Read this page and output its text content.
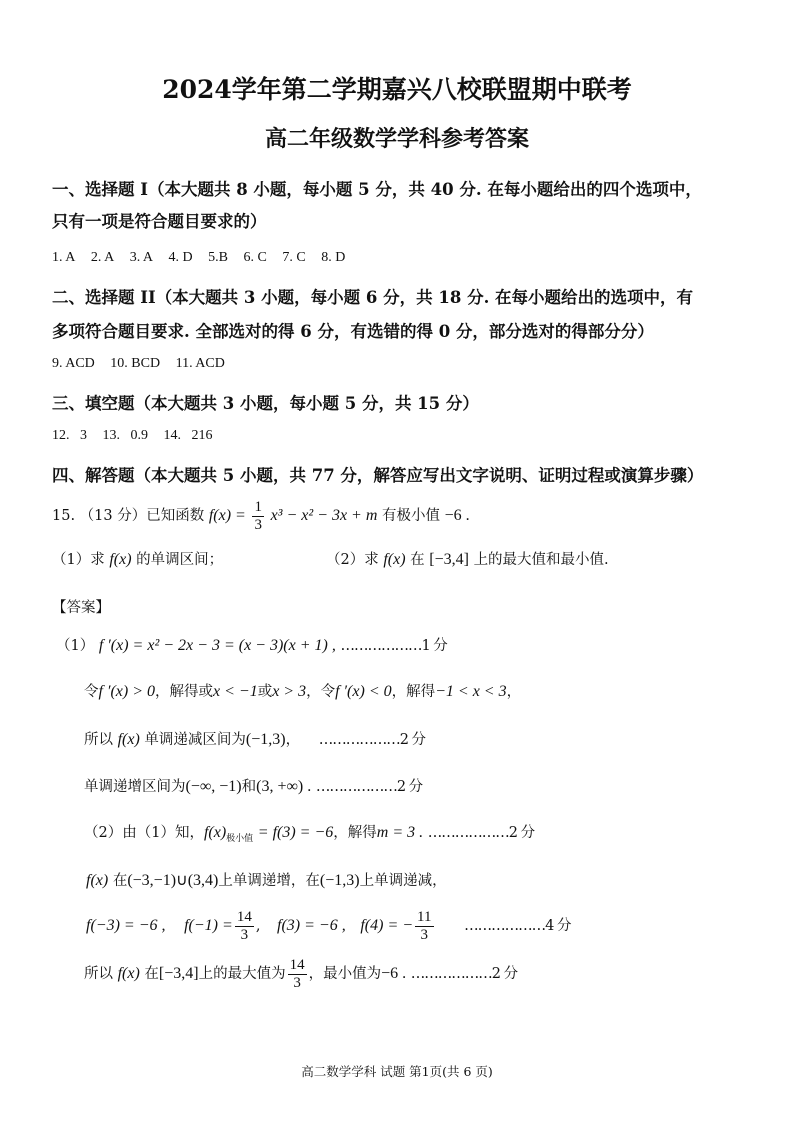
2024学年第二学期嘉兴八校联盟期中联考
高二年级数学学科参考答案
一、选择题 I（本大题共 8 小题，每小题 5 分，共 40 分. 在每小题给出的四个选项中，
只有一项是符合题目要求的）
1. A 2. A 3. A 4. D 5.B 6. C 7. C 8. D
二、选择题 II（本大题共 3 小题，每小题 6 分，共 18 分. 在每小题给出的选项中，有
多项符合题目要求. 全部选对的得 6 分，有选错的得 0 分，部分选对的得部分分）
9. ACD 10. BCD 11. ACD
三、填空题（本大题共 3 小题，每小题 5 分，共 15 分）
12.   3 13.   0.9 14.   216
四、解答题（本大题共 5 小题，共 77 分，解答应写出文字说明、证明过程或演算步骤）
15. （13 分）已知函数 $f(x) = \frac{1}{3} x^3 - x^2 - 3x + m$ 有极小值 −6 .
（1）求 f(x) 的单调区间；	（2）求 f(x) 在 [−3,4] 上的最大值和最小值.
【答案】
（1） f ′(x) = x² − 2x − 3 = (x − 3)(x + 1) , ………………1 分
令f ′(x) > 0，解得或x < −1或x > 3，令f ′(x) < 0，解得−1 < x < 3，
所以 f(x) 单调递减区间为(−1,3)， ………………2 分
单调递增区间为(−∞, −1)和(3, +∞) . ………………2 分
（2）由（1）知，$f(x)_{极小值} = f(3) = -6$，解得m = 3 . ………………2 分
f(x) 在(−3,−1)∪(3,4)上单调递增，在(−1,3)上单调递减，
f(−3) = −6 , $f(-1) = \frac{14}{3}$ , f(3) = −6 , f(4) = − $\frac{11}{3}$ ………………4 分
所以 f(x) 在[−3,4]上的最大值为 $\frac{14}{3}$ ，最小值为−6 . ………………2 分
高二数学学科 试题 第1页(共 6 页)
